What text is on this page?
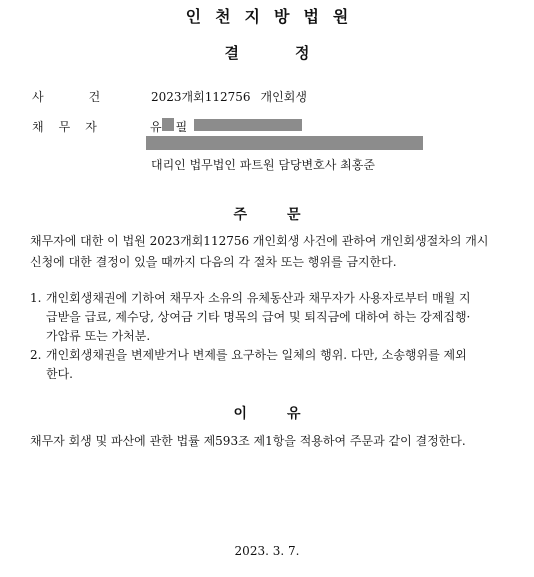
인천지방법원
결	정
사	건	2023개회112756 개인회생
채 무 자	유 필
대리인 법무법인 파트원 담당변호사 최홍준
주	문
채무자에 대한 이 법원 2023개회112756 개인회생 사건에 관하여 개인회생절차의 개시
신청에 대한 결정이 있을 때까지 다음의 각 절차 또는 행위를 금지한다.
1. 개인회생채권에 기하여 채무자 소유의 유체동산과 채무자가 사용자로부터 매월 지
급받을 급료, 제수당, 상여금 기타 명목의 급여 및 퇴직금에 대하여 하는 강제집행·
가압류 또는 가처분.
2. 개인회생채권을 변제받거나 변제를 요구하는 일체의 행위. 다만, 소송행위를 제외
한다.
이	유
채무자 회생 및 파산에 관한 법률 제593조 제1항을 적용하여 주문과 같이 결정한다.
2023. 3. 7.
